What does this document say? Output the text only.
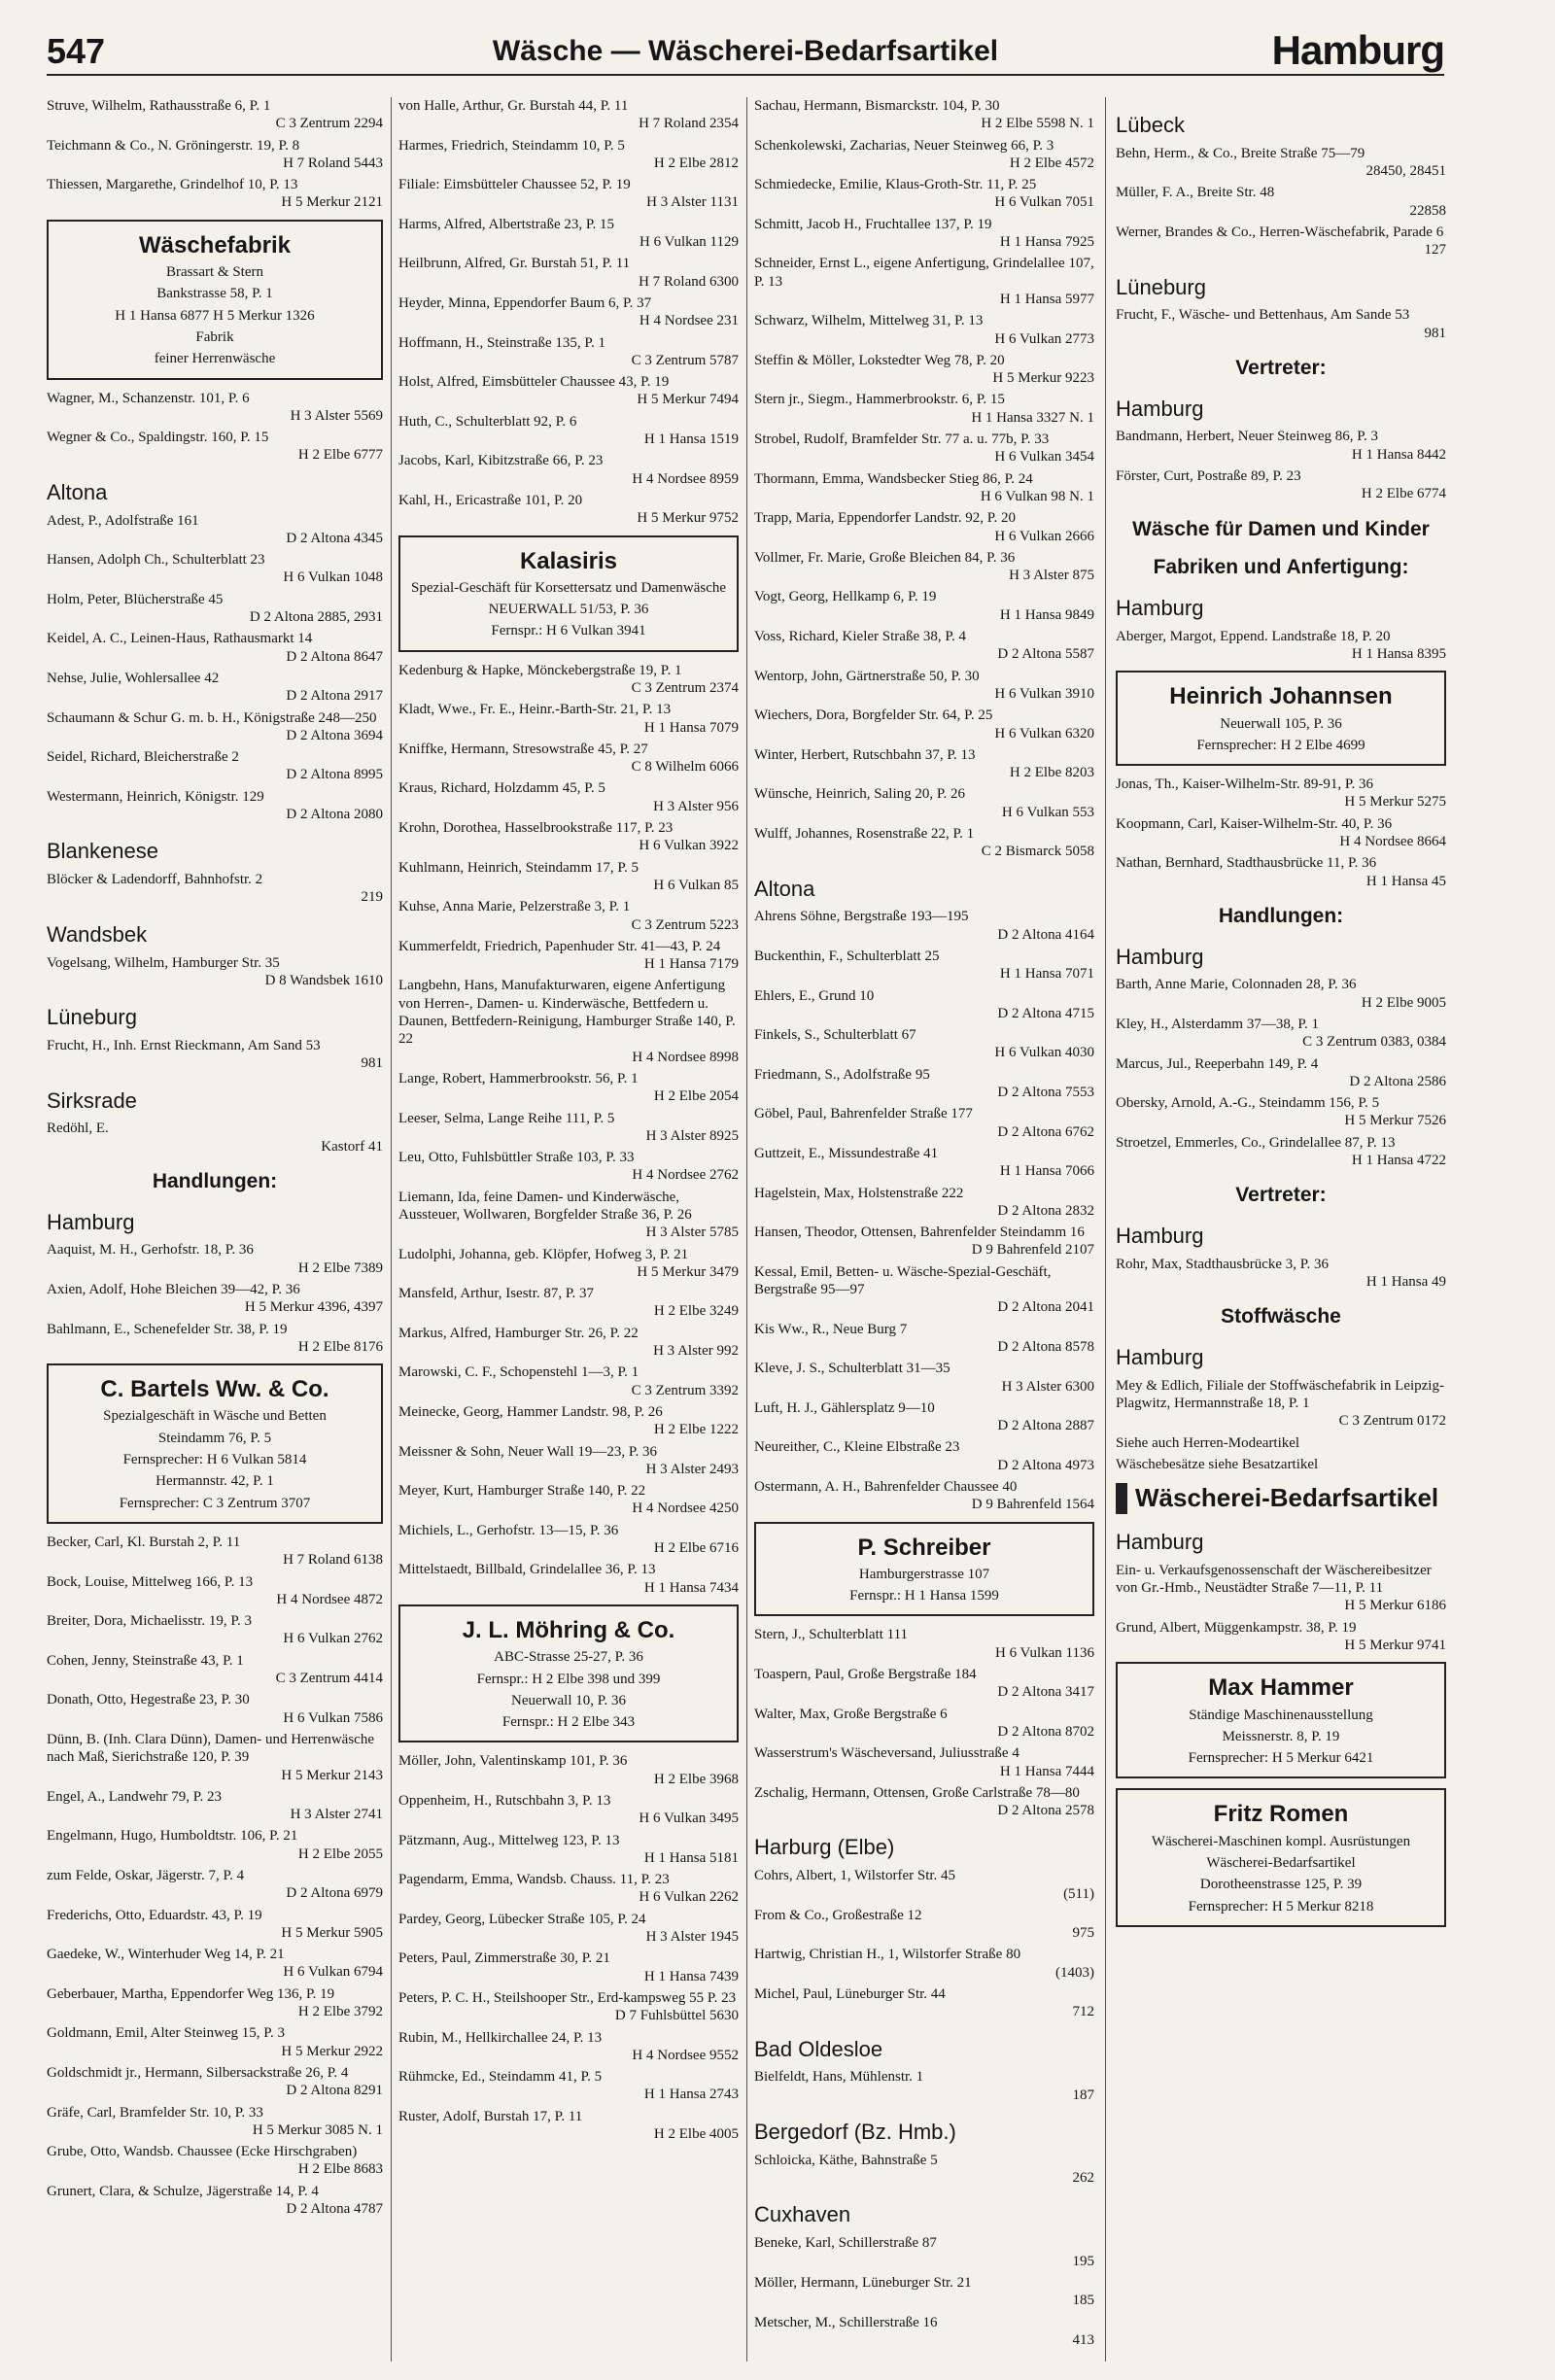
547	Wäsche — Wäscherei-Bedarfsartikel	Hamburg
Struve, Wilhelm, Rathausstraße 6, P. 1
C 3 Zentrum 2294
Teichmann & Co., N. Gröningerstr. 19, P. 8
H 7 Roland 5443
Thiessen, Margarethe, Grindelhof 10, P. 13
H 5 Merkur 2121
Wäschefabrik
Brassart & Stern
Bankstrasse 58, P. 1
H 1 Hansa 6877 H 5 Merkur 1326
Fabrik
feiner Herrenwäsche
Wagner, M., Schanzenstr. 101, P. 6
H 3 Alster 5569
Wegner & Co., Spaldingstr. 160, P. 15
H 2 Elbe 6777
Altona
Adest, P., Adolfstraße 161
D 2 Altona 4345
Hansen, Adolph Ch., Schulterblatt 23
H 6 Vulkan 1048
Holm, Peter, Blücherstraße 45
D 2 Altona 2885, 2931
Keidel, A. C., Leinen-Haus, Rathausmarkt 14
D 2 Altona 8647
Nehse, Julie, Wohlersallee 42
D 2 Altona 2917
Schaumann & Schur G. m. b. H., Königstraße 248—250
D 2 Altona 3694
Seidel, Richard, Bleicherstraße 2
D 2 Altona 8995
Westermann, Heinrich, Königstr. 129
D 2 Altona 2080
Blankenese
Blöcker & Ladendorff, Bahnhofstr. 2
219
Wandsbek
Vogelsang, Wilhelm, Hamburger Str. 35
D 8 Wandsbek 1610
Lüneburg
Frucht, H., Inh. Ernst Rieckmann, Am Sand 53
981
Sirksrade
Redöhl, E.
Kastorf 41
Handlungen:
Hamburg
Aaquist, M. H., Gerhofstr. 18, P. 36
H 2 Elbe 7389
Axien, Adolf, Hohe Bleichen 39—42, P. 36
H 5 Merkur 4396, 4397
Bahlmann, E., Schenefelder Str. 38, P. 19
H 2 Elbe 8176
C. Bartels Ww. & Co.
Spezialgeschäft in Wäsche und Betten
Steindamm 76, P. 5
Fernsprecher: H 6 Vulkan 5814
Hermannstr. 42, P. 1
Fernsprecher: C 3 Zentrum 3707
Becker, Carl, Kl. Burstah 2, P. 11
H 7 Roland 6138
Bock, Louise, Mittelweg 166, P. 13
H 4 Nordsee 4872
Breiter, Dora, Michaelisstr. 19, P. 3
H 6 Vulkan 2762
Cohen, Jenny, Steinstraße 43, P. 1
C 3 Zentrum 4414
Donath, Otto, Hegestraße 23, P. 30
H 6 Vulkan 7586
Dünn, B. (Inh. Clara Dünn), Damen- und Herrenwäsche nach Maß, Sierichstraße 120, P. 39
H 5 Merkur 2143
Engel, A., Landwehr 79, P. 23
H 3 Alster 2741
Engelmann, Hugo, Humboldtstr. 106, P. 21
H 2 Elbe 2055
zum Felde, Oskar, Jägerstr. 7, P. 4
D 2 Altona 6979
Frederichs, Otto, Eduardstr. 43, P. 19
H 5 Merkur 5905
Gaedeke, W., Winterhuder Weg 14, P. 21
H 6 Vulkan 6794
Geberbauer, Martha, Eppendorfer Weg 136, P. 19
H 2 Elbe 3792
Goldmann, Emil, Alter Steinweg 15, P. 3
H 5 Merkur 2922
Goldschmidt jr., Hermann, Silbersackstraße 26, P. 4
D 2 Altona 8291
Gräfe, Carl, Bramfelder Str. 10, P. 33
H 5 Merkur 3085 N. 1
Grube, Otto, Wandsb. Chaussee (Ecke Hirschgraben)
H 2 Elbe 8683
Grunert, Clara, & Schulze, Jägerstraße 14, P. 4
D 2 Altona 4787
von Halle, Arthur, Gr. Burstah 44, P. 11
H 7 Roland 2354
Harmes, Friedrich, Steindamm 10, P. 5
H 2 Elbe 2812
Filiale: Eimsbütteler Chaussee 52, P. 19
H 3 Alster 1131
Harms, Alfred, Albertstraße 23, P. 15
H 6 Vulkan 1129
Heilbrunn, Alfred, Gr. Burstah 51, P. 11
H 7 Roland 6300
Heyder, Minna, Eppendorfer Baum 6, P. 37
H 4 Nordsee 231
Hoffmann, H., Steinstraße 135, P. 1
C 3 Zentrum 5787
Holst, Alfred, Eimsbütteler Chaussee 43, P. 19
H 5 Merkur 7494
Huth, C., Schulterblatt 92, P. 6
H 1 Hansa 1519
Jacobs, Karl, Kibitzstraße 66, P. 23
H 4 Nordsee 8959
Kahl, H., Ericastraße 101, P. 20
H 5 Merkur 9752
Kalasiris
Spezial-Geschäft für Korsettersatz und Damenwäsche
NEUERWALL 51/53, P. 36
Fernspr.: H 6 Vulkan 3941
Kedenburg & Hapke, Mönckebergstraße 19, P. 1
C 3 Zentrum 2374
Kladt, Wwe., Fr. E., Heinr.-Barth-Str. 21, P. 13
H 1 Hansa 7079
Kniffke, Hermann, Stresowstraße 45, P. 27
C 8 Wilhelm 6066
Kraus, Richard, Holzdamm 45, P. 5
H 3 Alster 956
Krohn, Dorothea, Hasselbrookstraße 117, P. 23
H 6 Vulkan 3922
Kuhlmann, Heinrich, Steindamm 17, P. 5
H 6 Vulkan 85
Kuhse, Anna Marie, Pelzerstraße 3, P. 1
C 3 Zentrum 5223
Kummerfeldt, Friedrich, Papenhuder Str. 41—43, P. 24
H 1 Hansa 7179
Langbehn, Hans, Manufakturwaren, eigene Anfertigung von Herren-, Damen- u. Kinderwäsche, Bettfedern u. Daunen, Bettfedern-Reinigung, Hamburger Straße 140, P. 22
H 4 Nordsee 8998
Lange, Robert, Hammerbrookstr. 56, P. 1
H 2 Elbe 2054
Leeser, Selma, Lange Reihe 111, P. 5
H 3 Alster 8925
Leu, Otto, Fuhlsbüttler Straße 103, P. 33
H 4 Nordsee 2762
Liemann, Ida, feine Damen- und Kinderwäsche, Aussteuer, Wollwaren, Borgfelder Straße 36, P. 26
H 3 Alster 5785
Ludolphi, Johanna, geb. Klöpfer, Hofweg 3, P. 21
H 5 Merkur 3479
Mansfeld, Arthur, Isestr. 87, P. 37
H 2 Elbe 3249
Markus, Alfred, Hamburger Str. 26, P. 22
H 3 Alster 992
Marowski, C. F., Schopenstehl 1—3, P. 1
C 3 Zentrum 3392
Meinecke, Georg, Hammer Landstr. 98, P. 26
H 2 Elbe 1222
Meissner & Sohn, Neuer Wall 19—23, P. 36
H 3 Alster 2493
Meyer, Kurt, Hamburger Straße 140, P. 22
H 4 Nordsee 4250
Michiels, L., Gerhofstr. 13—15, P. 36
H 2 Elbe 6716
Mittelstaedt, Billbald, Grindelallee 36, P. 13
H 1 Hansa 7434
J. L. Möhring & Co.
ABC-Strasse 25-27, P. 36
Fernspr.: H 2 Elbe 398 und 399
Neuerwall 10, P. 36
Fernspr.: H 2 Elbe 343
Möller, John, Valentinskamp 101, P. 36
H 2 Elbe 3968
Oppenheim, H., Rutschbahn 3, P. 13
H 6 Vulkan 3495
Pätzmann, Aug., Mittelweg 123, P. 13
H 1 Hansa 5181
Pagendarm, Emma, Wandsb. Chauss. 11, P. 23
H 6 Vulkan 2262
Pardey, Georg, Lübecker Straße 105, P. 24
H 3 Alster 1945
Peters, Paul, Zimmerstraße 30, P. 21
H 1 Hansa 7439
Peters, P. C. H., Steilshooper Str., Erd-kampsweg 55 P. 23
D 7 Fuhlsbüttel 5630
Rubin, M., Hellkirchallee 24, P. 13
H 4 Nordsee 9552
Rühmcke, Ed., Steindamm 41, P. 5
H 1 Hansa 2743
Ruster, Adolf, Burstah 17, P. 11
H 2 Elbe 4005
Sachau, Hermann, Bismarckstr. 104, P. 30
H 2 Elbe 5598 N. 1
Schenkolewski, Zacharias, Neuer Steinweg 66, P. 3
H 2 Elbe 4572
Schmiedecke, Emilie, Klaus-Groth-Str. 11, P. 25
H 6 Vulkan 7051
Schmitt, Jacob H., Fruchtallee 137, P. 19
H 1 Hansa 7925
Schneider, Ernst L., eigene Anfertigung, Grindelallee 107, P. 13
H 1 Hansa 5977
Schwarz, Wilhelm, Mittelweg 31, P. 13
H 6 Vulkan 2773
Steffin & Möller, Lokstedter Weg 78, P. 20
H 5 Merkur 9223
Stern jr., Siegm., Hammerbrookstr. 6, P. 15
H 1 Hansa 3327 N. 1
Strobel, Rudolf, Bramfelder Str. 77 a. u. 77b, P. 33
H 6 Vulkan 3454
Thormann, Emma, Wandsbecker Stieg 86, P. 24
H 6 Vulkan 98 N. 1
Trapp, Maria, Eppendorfer Landstr. 92, P. 20
H 6 Vulkan 2666
Vollmer, Fr. Marie, Große Bleichen 84, P. 36
H 3 Alster 875
Vogt, Georg, Hellkamp 6, P. 19
H 1 Hansa 9849
Voss, Richard, Kieler Straße 38, P. 4
D 2 Altona 5587
Wentorp, John, Gärtnerstraße 50, P. 30
H 6 Vulkan 3910
Wiechers, Dora, Borgfelder Str. 64, P. 25
H 6 Vulkan 6320
Winter, Herbert, Rutschbahn 37, P. 13
H 2 Elbe 8203
Wünsche, Heinrich, Saling 20, P. 26
H 6 Vulkan 553
Wulff, Johannes, Rosenstraße 22, P. 1
C 2 Bismarck 5058
Altona
Ahrens Söhne, Bergstraße 193—195
D 2 Altona 4164
Buckenthin, F., Schulterblatt 25
H 1 Hansa 7071
Ehlers, E., Grund 10
D 2 Altona 4715
Finkels, S., Schulterblatt 67
H 6 Vulkan 4030
Friedmann, S., Adolfstraße 95
D 2 Altona 7553
Göbel, Paul, Bahrenfelder Straße 177
D 2 Altona 6762
Guttzeit, E., Missundestraße 41
H 1 Hansa 7066
Hagelstein, Max, Holstenstraße 222
D 2 Altona 2832
Hansen, Theodor, Ottensen, Bahrenfelder Steindamm 16
D 9 Bahrenfeld 2107
Kessal, Emil, Betten- u. Wäsche-Spezial-Geschäft, Bergstraße 95—97
D 2 Altona 2041
Kis Ww., R., Neue Burg 7
D 2 Altona 8578
Kleve, J. S., Schulterblatt 31—35
H 3 Alster 6300
Luft, H. J., Gählersplatz 9—10
D 2 Altona 2887
Neureither, C., Kleine Elbstraße 23
D 2 Altona 4973
Ostermann, A. H., Bahrenfelder Chaussee 40
D 9 Bahrenfeld 1564
P. Schreiber
Hamburgerstrasse 107
Fernspr.: H 1 Hansa 1599
Stern, J., Schulterblatt 111
H 6 Vulkan 1136
Toaspern, Paul, Große Bergstraße 184
D 2 Altona 3417
Walter, Max, Große Bergstraße 6
D 2 Altona 8702
Wasserstrum's Wäscheversand, Juliusstraße 4
H 1 Hansa 7444
Zschalig, Hermann, Ottensen, Große Carlstraße 78—80
D 2 Altona 2578
Harburg (Elbe)
Cohrs, Albert, 1, Wilstorfer Str. 45
(511)
From & Co., Großestraße 12
975
Hartwig, Christian H., 1, Wilstorfer Straße 80
(1403)
Michel, Paul, Lüneburger Str. 44
712
Bad Oldesloe
Bielfeldt, Hans, Mühlenstr. 1
187
Bergedorf (Bz. Hmb.)
Schloicka, Käthe, Bahnstraße 5
262
Cuxhaven
Beneke, Karl, Schillerstraße 87
195
Möller, Hermann, Lüneburger Str. 21
185
Metscher, M., Schillerstraße 16
413
Lübeck
Behn, Herm., & Co., Breite Straße 75—79
28450, 28451
Müller, F. A., Breite Str. 48
22858
Werner, Brandes & Co., Herren-Wäschefabrik, Parade 6
127
Lüneburg
Frucht, F., Wäsche- und Bettenhaus, Am Sande 53
981
Vertreter:
Hamburg
Bandmann, Herbert, Neuer Steinweg 86, P. 3
H 1 Hansa 8442
Förster, Curt, Postraße 89, P. 23
H 2 Elbe 6774
Wäsche für Damen und Kinder
Fabriken und Anfertigung:
Hamburg
Aberger, Margot, Eppend. Landstraße 18, P. 20
H 1 Hansa 8395
Heinrich Johannsen
Neuerwall 105, P. 36
Fernsprecher: H 2 Elbe 4699
Jonas, Th., Kaiser-Wilhelm-Str. 89-91, P. 36
H 5 Merkur 5275
Koopmann, Carl, Kaiser-Wilhelm-Str. 40, P. 36
H 4 Nordsee 8664
Nathan, Bernhard, Stadthausbrücke 11, P. 36
H 1 Hansa 45
Handlungen:
Hamburg
Barth, Anne Marie, Colonnaden 28, P. 36
H 2 Elbe 9005
Kley, H., Alsterdamm 37—38, P. 1
C 3 Zentrum 0383, 0384
Marcus, Jul., Reeperbahn 149, P. 4
D 2 Altona 2586
Obersky, Arnold, A.-G., Steindamm 156, P. 5
H 5 Merkur 7526
Stroetzel, Emmerles, Co., Grindelallee 87, P. 13
H 1 Hansa 4722
Vertreter:
Hamburg
Rohr, Max, Stadthausbrücke 3, P. 36
H 1 Hansa 49
Stoffwäsche
Hamburg
Mey & Edlich, Filiale der Stoffwäschefabrik in Leipzig-Plagwitz, Hermannstraße 18, P. 1
C 3 Zentrum 0172
Siehe auch Herren-Modeartikel
Wäschebesätze siehe Besatzartikel
Wäscherei-Bedarfsartikel
Hamburg
Ein- u. Verkaufsgenossenschaft der Wäschereibesitzer von Gr.-Hmb., Neustädter Straße 7—11, P. 11
H 5 Merkur 6186
Grund, Albert, Müggenkampstr. 38, P. 19
H 5 Merkur 9741
Max Hammer
Ständige Maschinenausstellung
Meissnerstr. 8, P. 19
Fernsprecher: H 5 Merkur 6421
Fritz Romen
Wäscherei-Maschinen kompl. Ausrüstungen
Wäscherei-Bedarfsartikel
Dorotheenstrasse 125, P. 39
Fernsprecher: H 5 Merkur 8218
